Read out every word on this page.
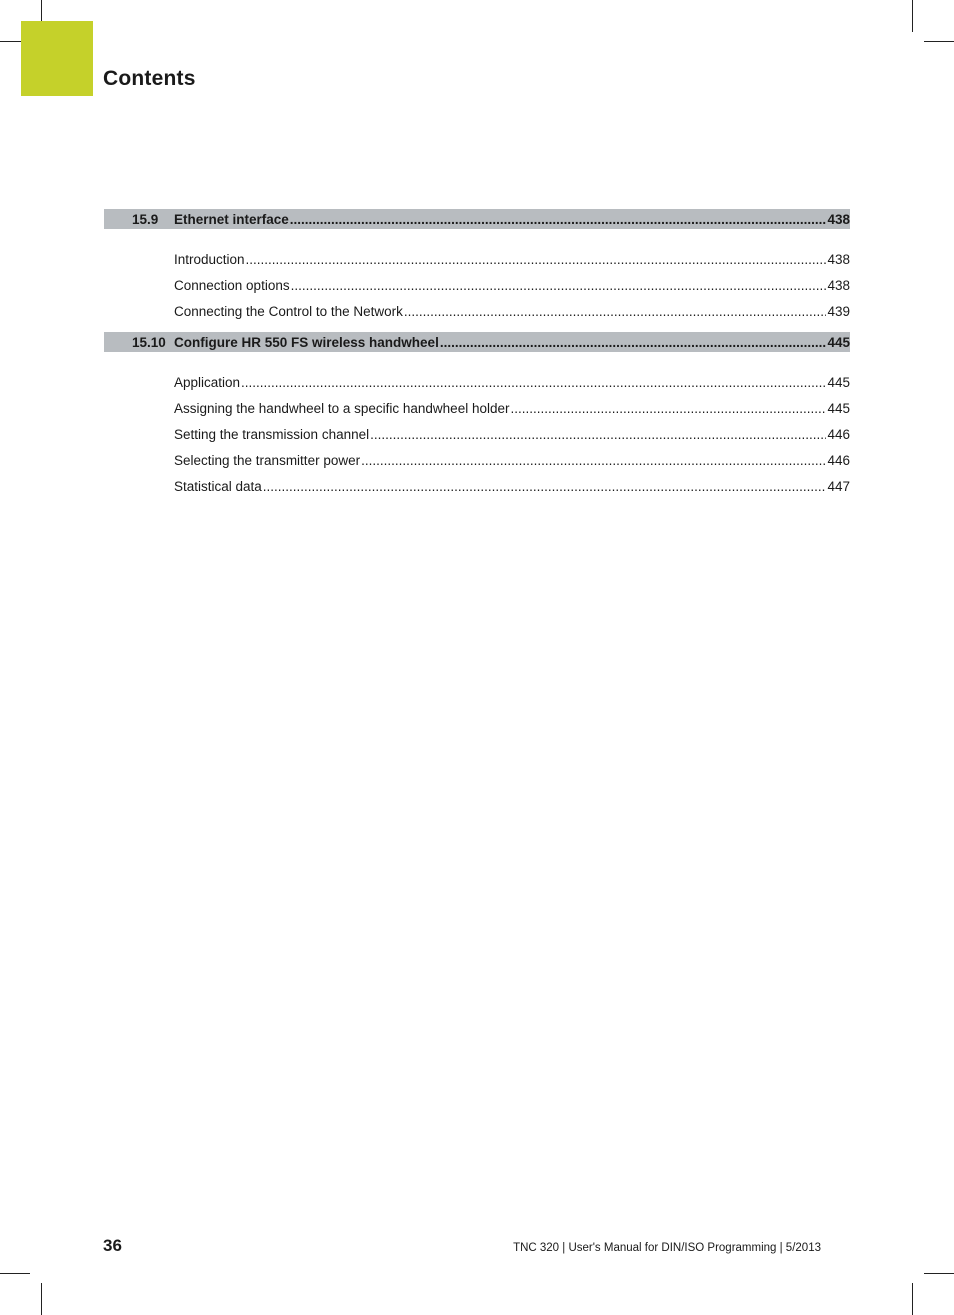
Contents
15.9	Ethernet interface .....	438
Introduction .....	438
Connection options .....	438
Connecting the Control to the Network .....	439
15.10 Configure HR 550 FS wireless handwheel .....	445
Application .....	445
Assigning the handwheel to a specific handwheel holder .....	445
Setting the transmission channel .....	446
Selecting the transmitter power .....	446
Statistical data .....	447
36	TNC 320 | User's Manual for DIN/ISO Programming | 5/2013
